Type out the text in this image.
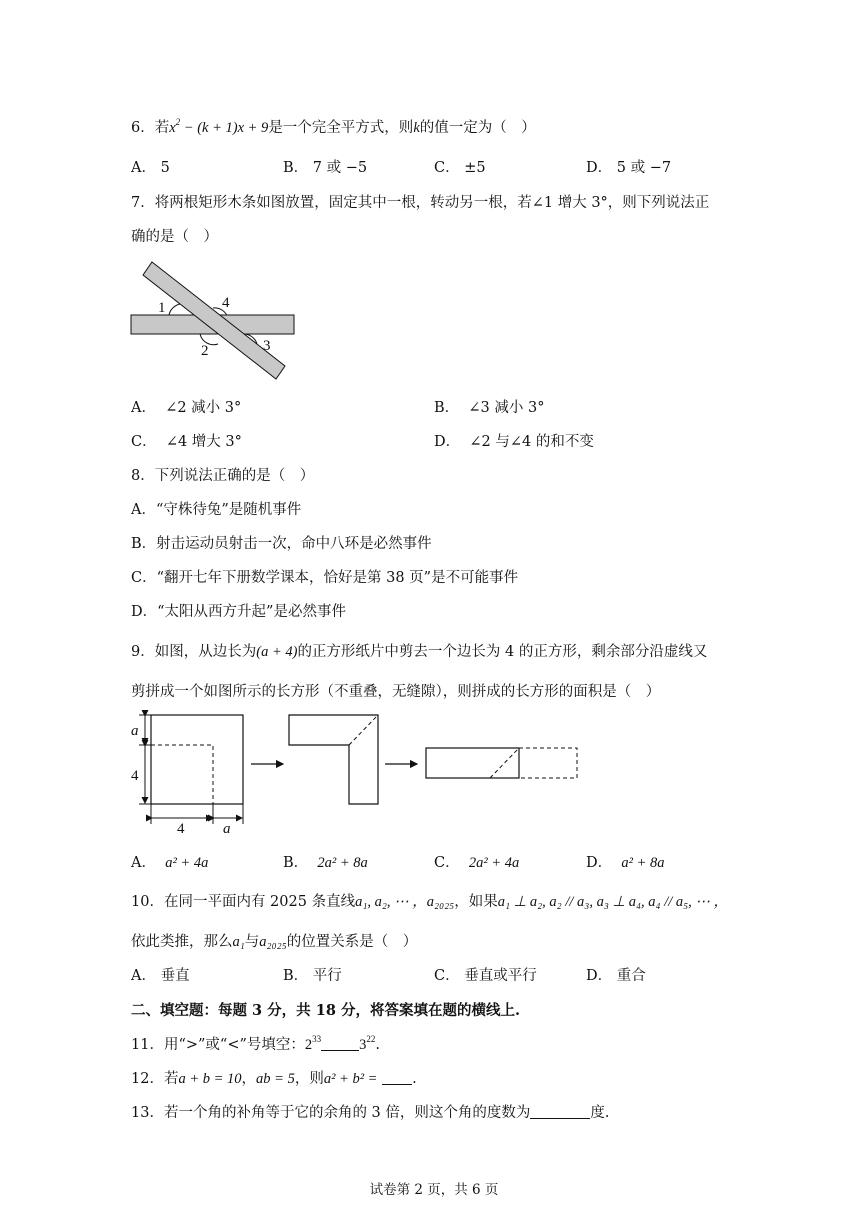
6．若$x^2 - (k + 1)x + 9$是一个完全平方式，则k的值一定为（　）
A． 5	B． 7 或 −5	C． ±5	D． 5 或 −7
7．将两根矩形木条如图放置，固定其中一根，转动另一根，若∠1 增大 3°，则下列说法正
确的是（　）
1	4
2	3
A． ∠2 减小 3°	B． ∠3 减小 3°
C． ∠4 增大 3°	D． ∠2 与∠4 的和不变
8．下列说法正确的是（　）
A．“守株待兔”是随机事件
B．射击运动员射击一次，命中八环是必然事件
C．“翻开七年下册数学课本，恰好是第 38 页”是不可能事件
D．“太阳从西方升起”是必然事件
9．如图，从边长为(a + 4)的正方形纸片中剪去一个边长为 4 的正方形，剩余部分沿虚线又
剪拼成一个如图所示的长方形（不重叠，无缝隙），则拼成的长方形的面积是（　）
a
4
4	a
A． a² + 4a	B． 2a² + 8a	C． 2a² + 4a	D． a² + 8a
10．在同一平面内有 2025 条直线a₁, a₂, ⋯ ，a₂₀₂₅，如果a₁ ⊥ a₂, a₂ // a₃, a₃ ⊥ a₄, a₄ // a₅, ⋯ ，
依此类推，那么a₁与a₂₀₂₅的位置关系是（　）
A． 垂直	B． 平行	C． 垂直或平行	D． 重合
二、填空题：每题 3 分，共 18 分，将答案填在题的横线上.
11．用“>”或“<”号填空：$2^{33}$	$3^{22}$.
12．若a + b = 10，ab = 5，则a² + b² = .
13．若一个角的补角等于它的余角的 3 倍，则这个角的度数为	度.
试卷第 2 页，共 6 页
